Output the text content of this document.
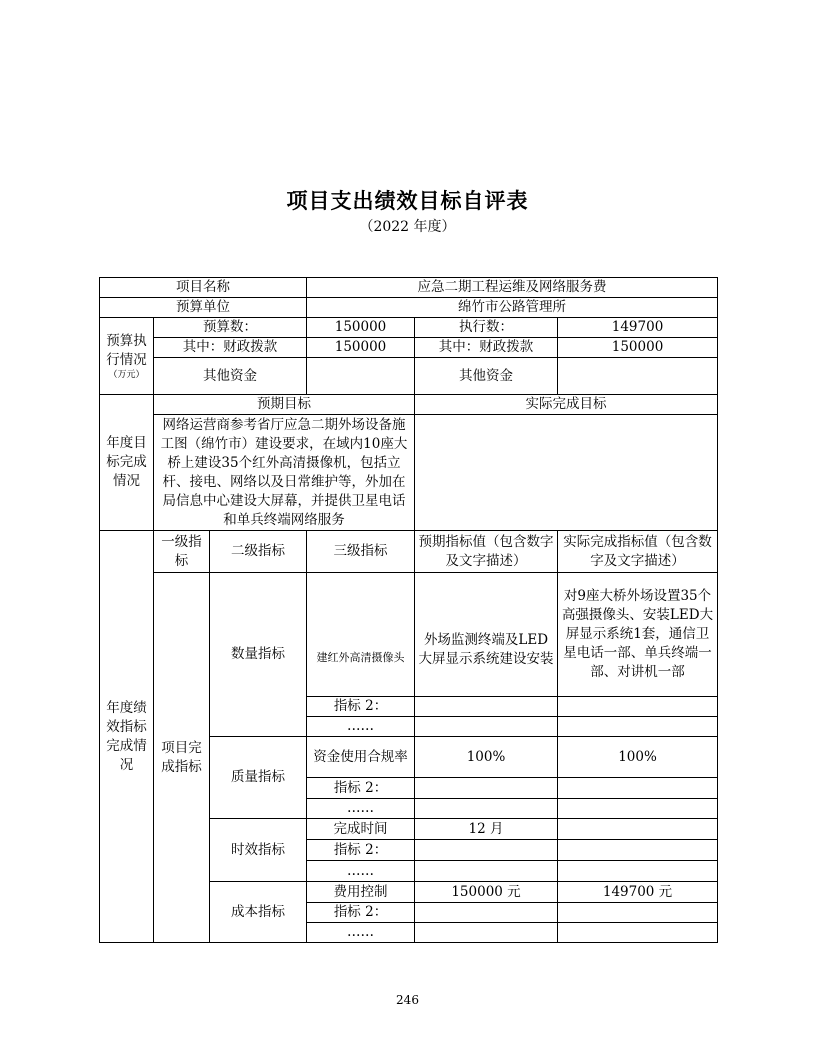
项目支出绩效目标自评表
（2022 年度）
项目名称			应急二期工程运维及网络服务费		
预算单位			绵竹市公路管理所		
预算执行情况
（万元）	预算数：		150000	执行数：	149700
	其中：财政拨款		150000	其中：财政拨款	150000
	其他资金			其他资金	
年度目标完成情况	预期目标			实际完成目标	
	网络运营商参考省厅应急二期外场设备施工图（绵竹市）建设要求，在域内10座大桥上建设35个红外高清摄像机，包括立杆、接电、网络以及日常维护等，外加在局信息中心建设大屏幕，并提供卫星电话和单兵终端网络服务				
年度绩效指标完成情况	一级指标	二级指标	三级指标	预期指标值（包含数字及文字描述）	实际完成指标值（包含数字及文字描述）
	项目完成指标	数量指标	建红外高清摄像头	外场监测终端及LED大屏显示系统建设安装	对9座大桥外场设置35个高强摄像头、安装LED大屏显示系统1套，通信卫星电话一部、单兵终端一部、对讲机一部
			指标 2：		
			……		
		质量指标	资金使用合规率	100%	100%
			指标 2：		
			……		
		时效指标	完成时间	12 月	
			指标 2：		
			……		
		成本指标	费用控制	150000 元	149700 元
			指标 2：		
			……		
246
